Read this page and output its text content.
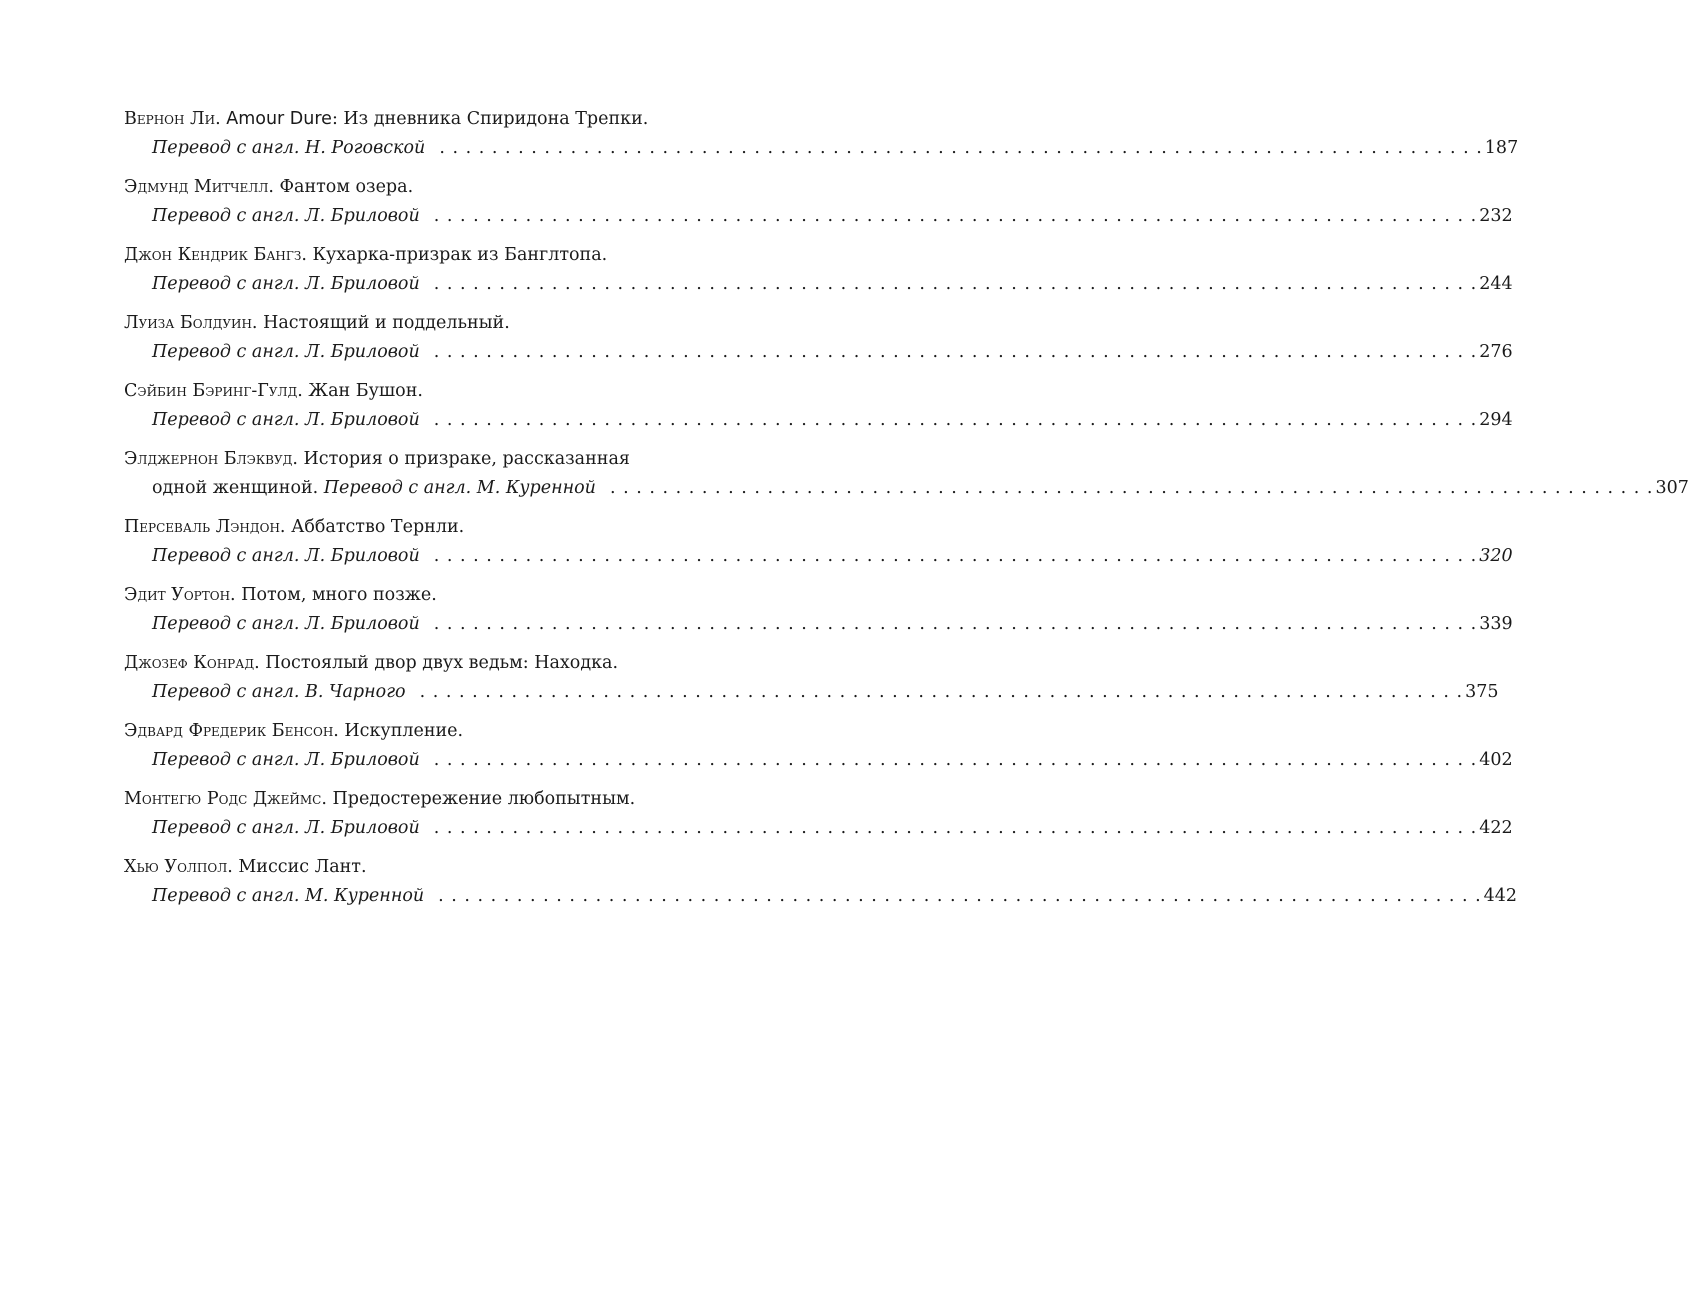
Вернон Ли. Amour Dure: Из дневника Спиридона Трепки.
Перевод с англ. Н. Роговской . . . . . . . . . . . . . . . . . . . . . . . . . . . . . . . . . . . . . . . . . . . . . . . . . . . . . . . . . . . . . . . . . . . . . . . . . . . . . . . . 187
Эдмунд Митчелл. Фантом озера.
Перевод с англ. Л. Бриловой . . . . . . . . . . . . . . . . . . . . . . . . . . . . . . . . . . . . . . . . . . . . . . . . . . . . . . . . . . . . . . . . . . . . . . . . . . . . . . . . 232
Джон Кендрик Бангз. Кухарка-призрак из Банглтопа.
Перевод с англ. Л. Бриловой . . . . . . . . . . . . . . . . . . . . . . . . . . . . . . . . . . . . . . . . . . . . . . . . . . . . . . . . . . . . . . . . . . . . . . . . . . . . . . . . 244
Луиза Болдуин. Настоящий и поддельный.
Перевод с англ. Л. Бриловой . . . . . . . . . . . . . . . . . . . . . . . . . . . . . . . . . . . . . . . . . . . . . . . . . . . . . . . . . . . . . . . . . . . . . . . . . . . . . . . . 276
Сэйбин Бэринг-Гулд. Жан Бушон.
Перевод с англ. Л. Бриловой . . . . . . . . . . . . . . . . . . . . . . . . . . . . . . . . . . . . . . . . . . . . . . . . . . . . . . . . . . . . . . . . . . . . . . . . . . . . . . . . 294
Элджернон Блэквуд. История о призраке, рассказанная
одной женщиной. Перевод с англ. М. Куренной . . . . . . . . . . . . . . . . . . . . . . . . . . . . . . . . . . . . . . . . . . . . . . . . . . . . . . . . . . . . . . . . . . . . . . . . . . . . . . . . 307
Персеваль Лэндон. Аббатство Тернли.
Перевод с англ. Л. Бриловой . . . . . . . . . . . . . . . . . . . . . . . . . . . . . . . . . . . . . . . . . . . . . . . . . . . . . . . . . . . . . . . . . . . . . . . . . . . . . . . . 320
Эдит Уортон. Потом, много позже.
Перевод с англ. Л. Бриловой . . . . . . . . . . . . . . . . . . . . . . . . . . . . . . . . . . . . . . . . . . . . . . . . . . . . . . . . . . . . . . . . . . . . . . . . . . . . . . . . 339
Джозеф Конрад. Постоялый двор двух ведьм: Находка.
Перевод с англ. В. Чарного . . . . . . . . . . . . . . . . . . . . . . . . . . . . . . . . . . . . . . . . . . . . . . . . . . . . . . . . . . . . . . . . . . . . . . . . . . . . . . . . 375
Эдвард Фредерик Бенсон. Искупление.
Перевод с англ. Л. Бриловой . . . . . . . . . . . . . . . . . . . . . . . . . . . . . . . . . . . . . . . . . . . . . . . . . . . . . . . . . . . . . . . . . . . . . . . . . . . . . . . . 402
Монтегю Родс Джеймс. Предостережение любопытным.
Перевод с англ. Л. Бриловой . . . . . . . . . . . . . . . . . . . . . . . . . . . . . . . . . . . . . . . . . . . . . . . . . . . . . . . . . . . . . . . . . . . . . . . . . . . . . . . . 422
Хью Уолпол. Миссис Лант.
Перевод с англ. М. Куренной . . . . . . . . . . . . . . . . . . . . . . . . . . . . . . . . . . . . . . . . . . . . . . . . . . . . . . . . . . . . . . . . . . . . . . . . . . . . . . . . 442
